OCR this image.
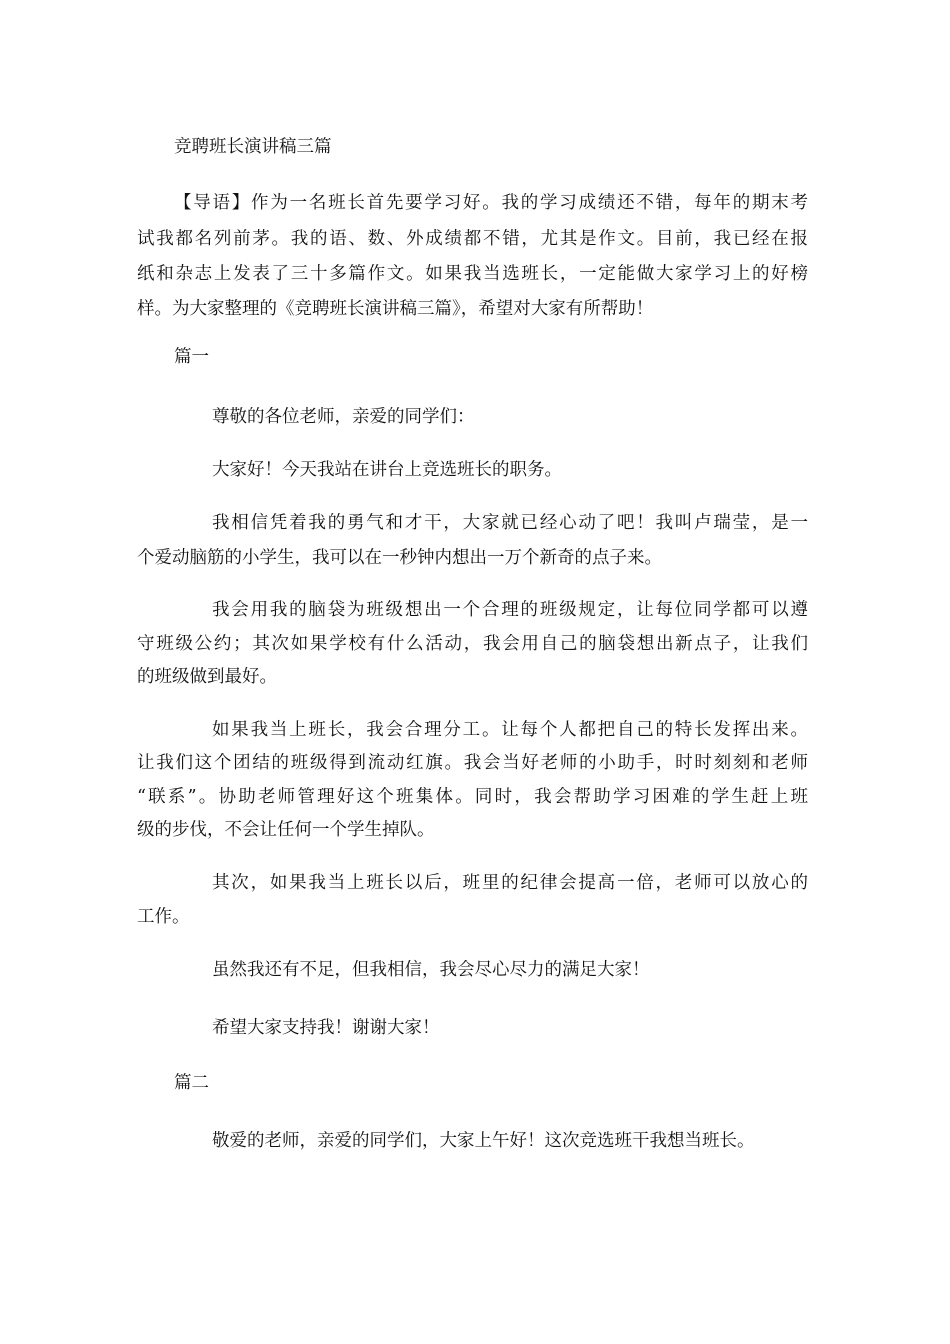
竞聘班长演讲稿三篇
【导语】作为一名班长首先要学习好。我的学习成绩还不错，每年的期末考
试我都名列前茅。我的语、数、外成绩都不错，尤其是作文。目前，我已经在报
纸和杂志上发表了三十多篇作文。如果我当选班长，一定能做大家学习上的好榜
样。为大家整理的《竞聘班长演讲稿三篇》，希望对大家有所帮助！
篇一
尊敬的各位老师，亲爱的同学们：
大家好！今天我站在讲台上竞选班长的职务。
我相信凭着我的勇气和才干，大家就已经心动了吧！我叫卢瑞莹，是一
个爱动脑筋的小学生，我可以在一秒钟内想出一万个新奇的点子来。
我会用我的脑袋为班级想出一个合理的班级规定，让每位同学都可以遵
守班级公约；其次如果学校有什么活动，我会用自己的脑袋想出新点子，让我们
的班级做到最好。
如果我当上班长，我会合理分工。让每个人都把自己的特长发挥出来。
让我们这个团结的班级得到流动红旗。我会当好老师的小助手，时时刻刻和老师
“联系”。协助老师管理好这个班集体。同时，我会帮助学习困难的学生赶上班
级的步伐，不会让任何一个学生掉队。
其次，如果我当上班长以后，班里的纪律会提高一倍，老师可以放心的
工作。
虽然我还有不足，但我相信，我会尽心尽力的满足大家！
希望大家支持我！谢谢大家！
篇二
敬爱的老师，亲爱的同学们，大家上午好！这次竞选班干我想当班长。
